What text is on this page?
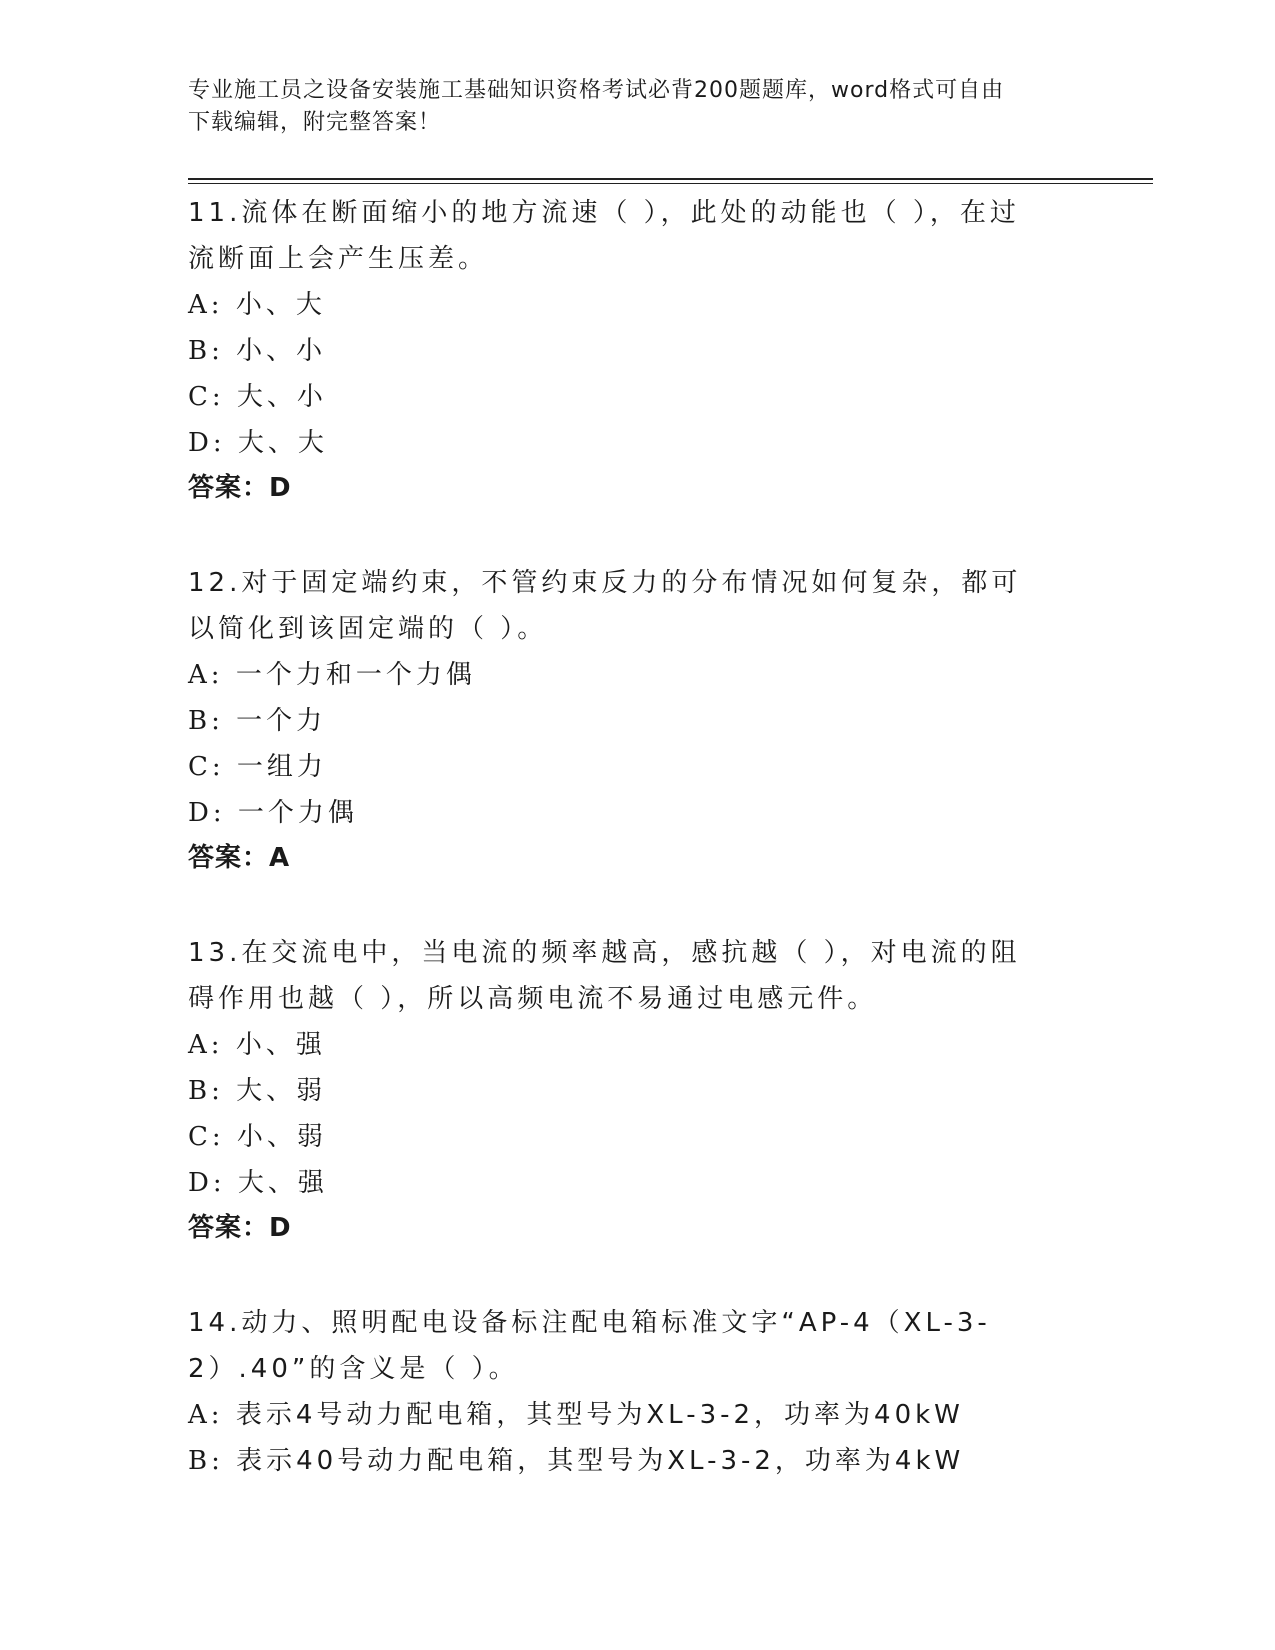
专业施工员之设备安装施工基础知识资格考试必背200题题库，word格式可自由
下载编辑，附完整答案！

11.流体在断面缩小的地方流速（ ），此处的动能也（ ），在过流断面上会产生压差。

A: 小、大

B: 小、小

C: 大、小

D: 大、大

答案：D

12.对于固定端约束，不管约束反力的分布情况如何复杂，都可以简化到该固定端的（ ）。

A: 一个力和一个力偶

B: 一个力

C: 一组力

D: 一个力偶

答案：A

13.在交流电中，当电流的频率越高，感抗越（ ），对电流的阻碍作用也越（ ），所以高频电流不易通过电感元件。

A: 小、强

B: 大、弱

C: 小、弱

D: 大、强

答案：D

14.动力、照明配电设备标注配电箱标准文字“AP-4（XL-3-2）.40”的含义是（ ）。

A: 表示4号动力配电箱，其型号为XL-3-2，功率为40kW

B: 表示40号动力配电箱，其型号为XL-3-2，功率为4kW
